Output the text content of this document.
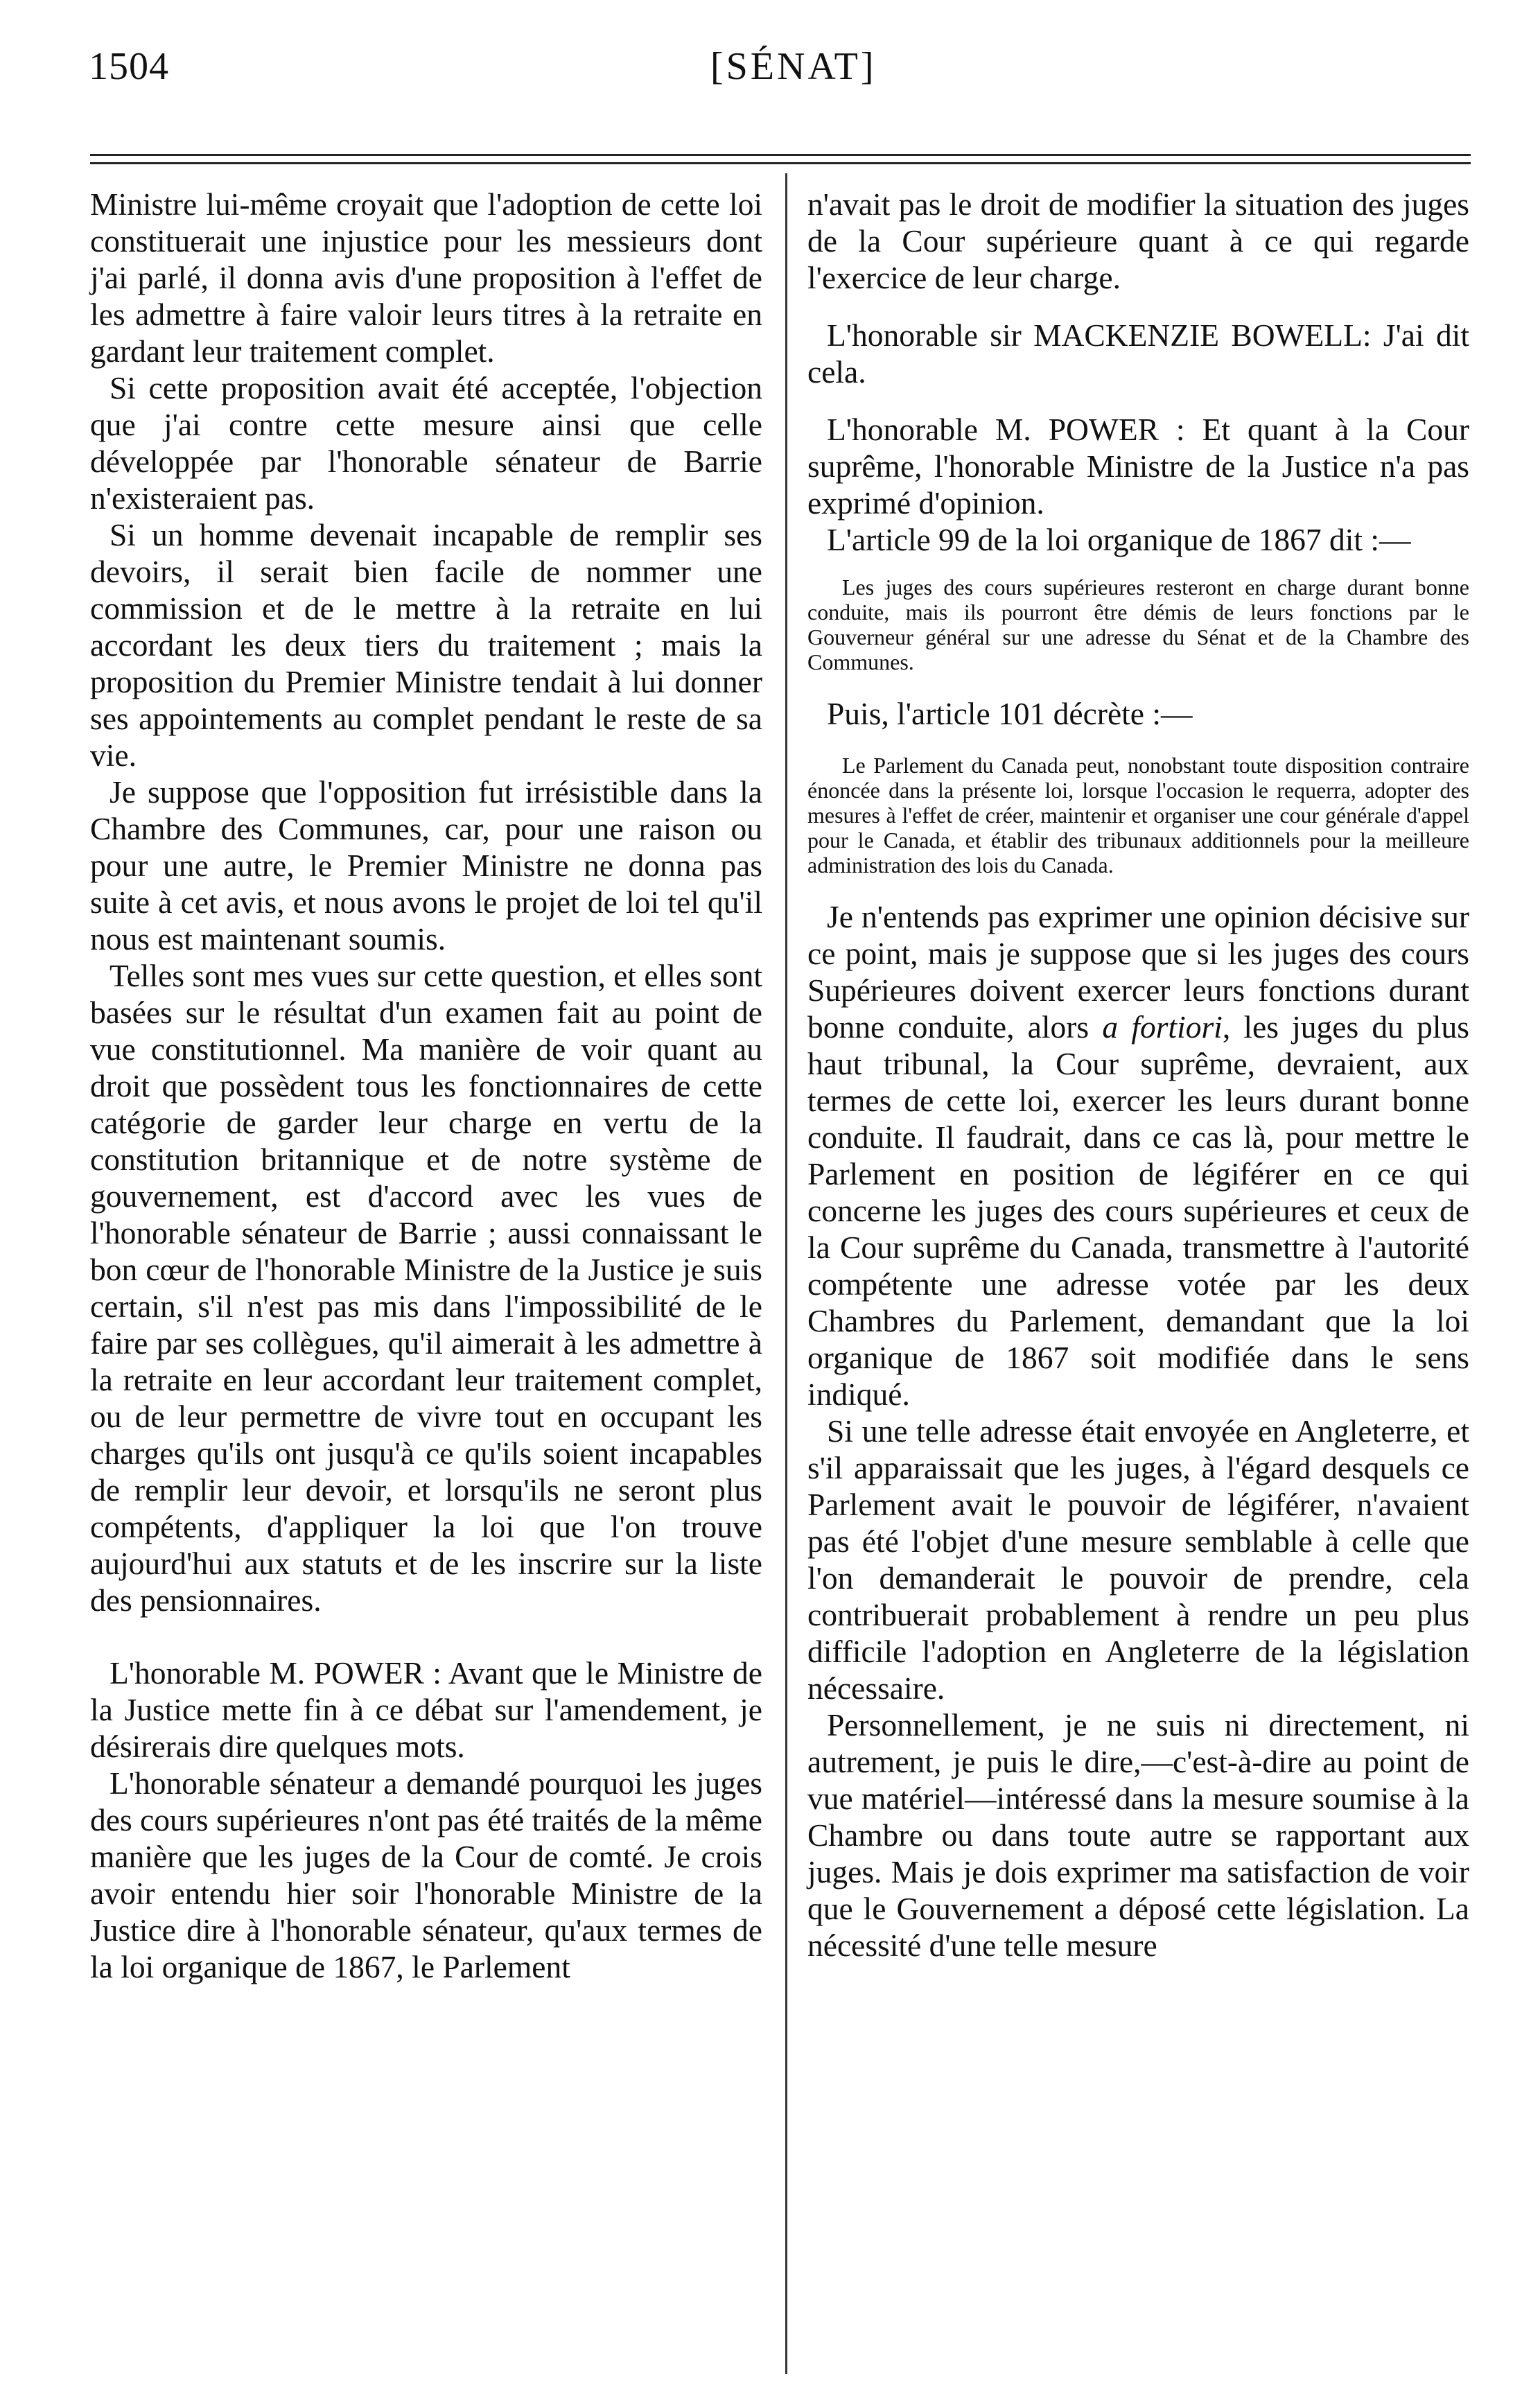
1504	[SÉNAT]

Ministre lui-même croyait que l'adoption de cette loi constituerait une injustice pour les messieurs dont j'ai parlé, il donna avis d'une proposition à l'effet de les admettre à faire valoir leurs titres à la retraite en gardant leur traitement complet.

Si cette proposition avait été acceptée, l'objection que j'ai contre cette mesure ainsi que celle développée par l'honorable sénateur de Barrie n'existeraient pas.

Si un homme devenait incapable de remplir ses devoirs, il serait bien facile de nommer une commission et de le mettre à la retraite en lui accordant les deux tiers du traitement ; mais la proposition du Premier Ministre tendait à lui donner ses appointements au complet pendant le reste de sa vie.

Je suppose que l'opposition fut irrésistible dans la Chambre des Communes, car, pour une raison ou pour une autre, le Premier Ministre ne donna pas suite à cet avis, et nous avons le projet de loi tel qu'il nous est maintenant soumis.

Telles sont mes vues sur cette question, et elles sont basées sur le résultat d'un examen fait au point de vue constitutionnel. Ma manière de voir quant au droit que possèdent tous les fonctionnaires de cette catégorie de garder leur charge en vertu de la constitution britannique et de notre système de gouvernement, est d'accord avec les vues de l'honorable sénateur de Barrie ; aussi connaissant le bon cœur de l'honorable Ministre de la Justice je suis certain, s'il n'est pas mis dans l'impossibilité de le faire par ses collègues, qu'il aimerait à les admettre à la retraite en leur accordant leur traitement complet, ou de leur permettre de vivre tout en occupant les charges qu'ils ont jusqu'à ce qu'ils soient incapables de remplir leur devoir, et lorsqu'ils ne seront plus compétents, d'appliquer la loi que l'on trouve aujourd'hui aux statuts et de les inscrire sur la liste des pensionnaires.

L'honorable M. POWER : Avant que le Ministre de la Justice mette fin à ce débat sur l'amendement, je désirerais dire quelques mots.

L'honorable sénateur a demandé pourquoi les juges des cours supérieures n'ont pas été traités de la même manière que les juges de la Cour de comté. Je crois avoir entendu hier soir l'honorable Ministre de la Justice dire à l'honorable sénateur, qu'aux termes de la loi organique de 1867, le Parlement

n'avait pas le droit de modifier la situation des juges de la Cour supérieure quant à ce qui regarde l'exercice de leur charge.

L'honorable sir MACKENZIE BOWELL: J'ai dit cela.

L'honorable M. POWER : Et quant à la Cour suprême, l'honorable Ministre de la Justice n'a pas exprimé d'opinion.

L'article 99 de la loi organique de 1867 dit :—

Les juges des cours supérieures resteront en charge durant bonne conduite, mais ils pourront être démis de leurs fonctions par le Gouverneur général sur une adresse du Sénat et de la Chambre des Communes.

Puis, l'article 101 décrète :—

Le Parlement du Canada peut, nonobstant toute disposition contraire énoncée dans la présente loi, lorsque l'occasion le requerra, adopter des mesures à l'effet de créer, maintenir et organiser une cour générale d'appel pour le Canada, et établir des tribunaux additionnels pour la meilleure administration des lois du Canada.

Je n'entends pas exprimer une opinion décisive sur ce point, mais je suppose que si les juges des cours Supérieures doivent exercer leurs fonctions durant bonne conduite, alors a fortiori, les juges du plus haut tribunal, la Cour suprême, devraient, aux termes de cette loi, exercer les leurs durant bonne conduite. Il faudrait, dans ce cas là, pour mettre le Parlement en position de légiférer en ce qui concerne les juges des cours supérieures et ceux de la Cour suprême du Canada, transmettre à l'autorité compétente une adresse votée par les deux Chambres du Parlement, demandant que la loi organique de 1867 soit modifiée dans le sens indiqué.

Si une telle adresse était envoyée en Angleterre, et s'il apparaissait que les juges, à l'égard desquels ce Parlement avait le pouvoir de légiférer, n'avaient pas été l'objet d'une mesure semblable à celle que l'on demanderait le pouvoir de prendre, cela contribuerait probablement à rendre un peu plus difficile l'adoption en Angleterre de la législation nécessaire.

Personnellement, je ne suis ni directement, ni autrement, je puis le dire,—c'est-à-dire au point de vue matériel—intéressé dans la mesure soumise à la Chambre ou dans toute autre se rapportant aux juges. Mais je dois exprimer ma satisfaction de voir que le Gouvernement a déposé cette législation. La nécessité d'une telle mesure
